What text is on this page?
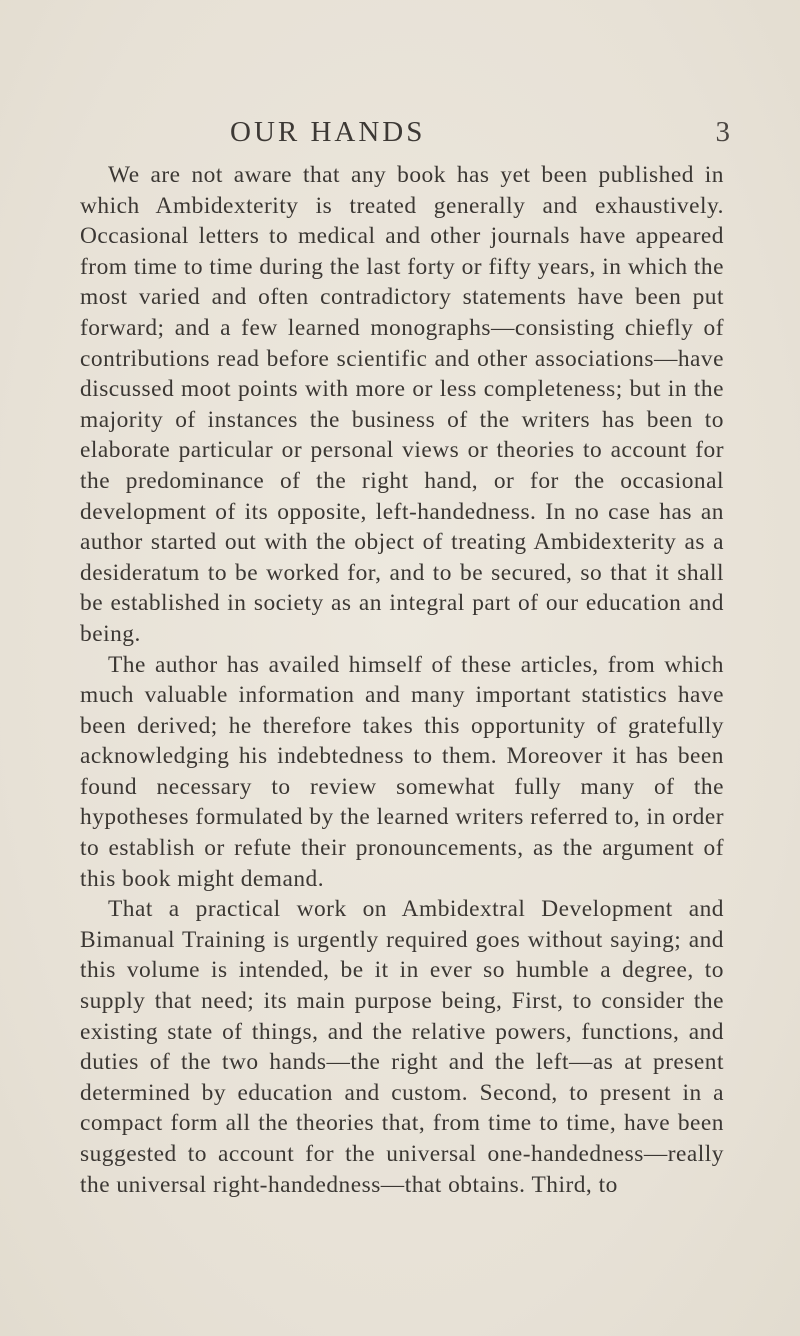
OUR HANDS	3

We are not aware that any book has yet been published in which Ambidexterity is treated generally and exhaustively. Occasional letters to medical and other journals have appeared from time to time during the last forty or fifty years, in which the most varied and often contradictory statements have been put forward; and a few learned monographs—consisting chiefly of contributions read before scientific and other associations—have discussed moot points with more or less completeness; but in the majority of instances the business of the writers has been to elaborate particular or personal views or theories to account for the predominance of the right hand, or for the occasional development of its opposite, left-handedness. In no case has an author started out with the object of treating Ambidexterity as a desideratum to be worked for, and to be secured, so that it shall be established in society as an integral part of our education and being.

The author has availed himself of these articles, from which much valuable information and many important statistics have been derived; he therefore takes this opportunity of gratefully acknowledging his indebtedness to them. Moreover it has been found necessary to review somewhat fully many of the hypotheses formulated by the learned writers referred to, in order to establish or refute their pronouncements, as the argument of this book might demand.

That a practical work on Ambidextral Development and Bimanual Training is urgently required goes without saying; and this volume is intended, be it in ever so humble a degree, to supply that need; its main purpose being, First, to consider the existing state of things, and the relative powers, functions, and duties of the two hands—the right and the left—as at present determined by education and custom. Second, to present in a compact form all the theories that, from time to time, have been suggested to account for the universal one-handedness—really the universal right-handedness—that obtains. Third, to
